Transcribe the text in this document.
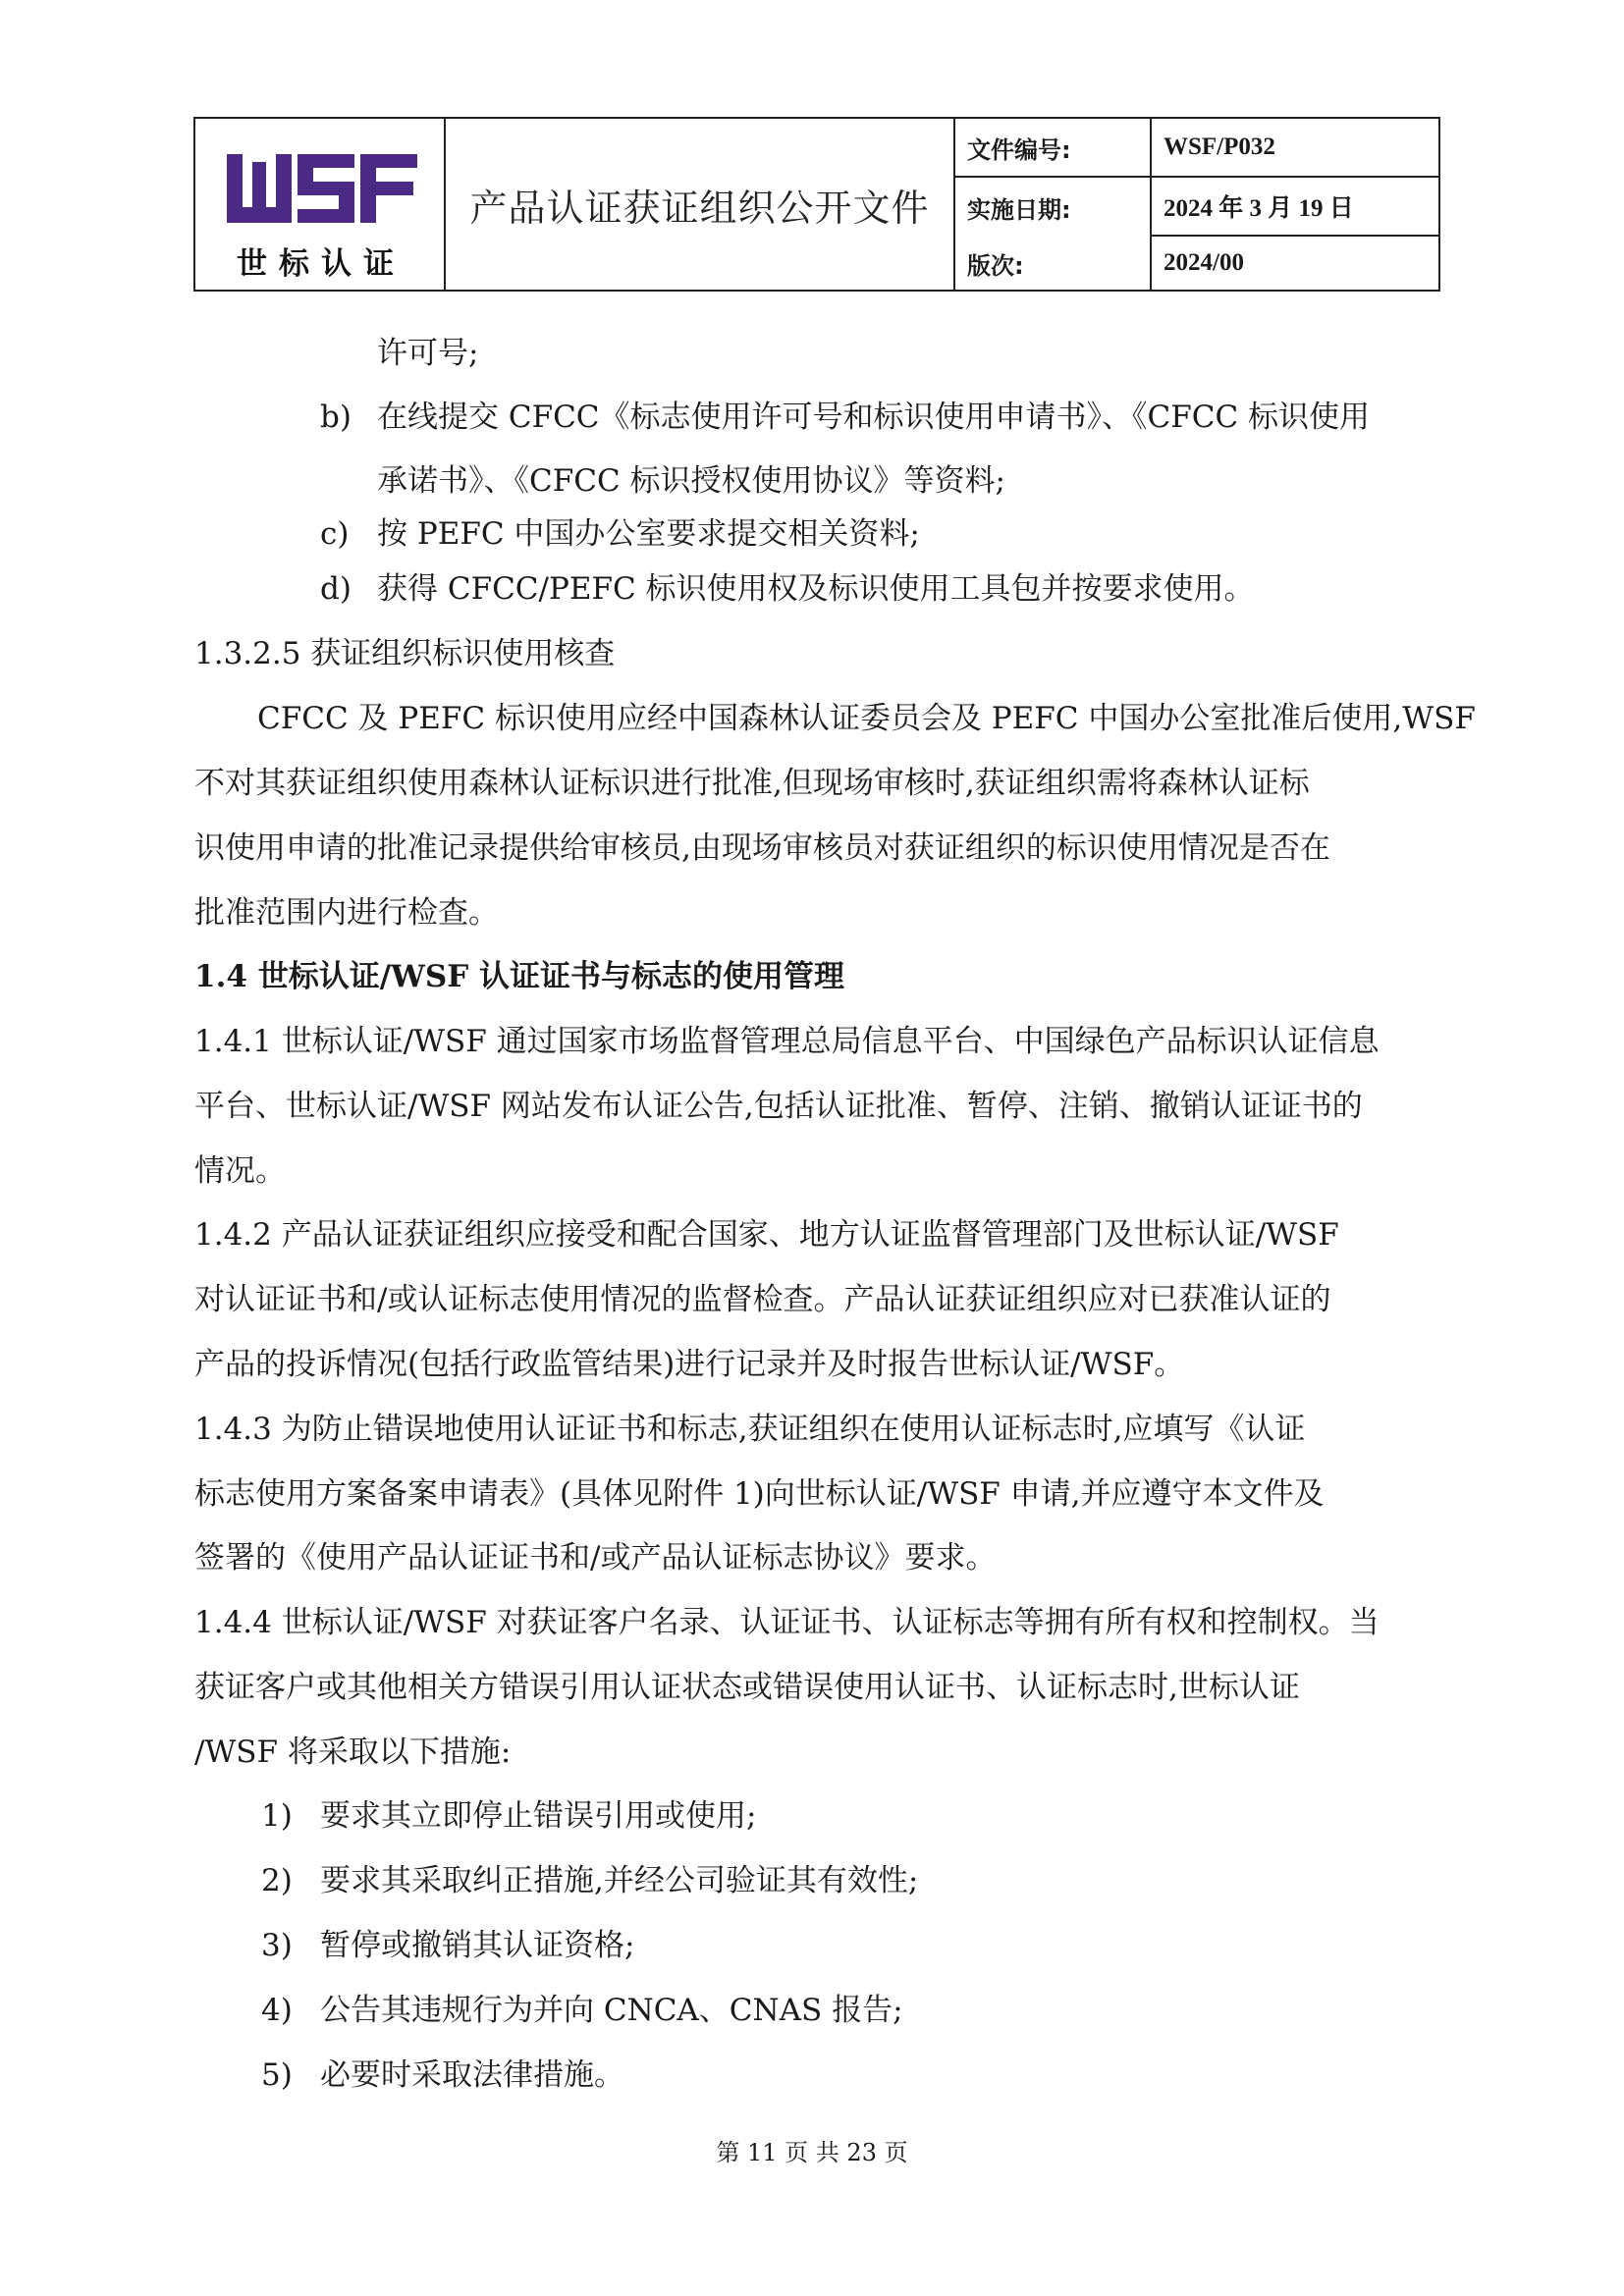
世标认证
产品认证获证组织公开文件
文件编号:	WSF/P032
实施日期:	2024 年 3 月 19 日
版次:	2024/00
许可号;
b) 在线提交 CFCC《标志使用许可号和标识使用申请书》、《CFCC 标识使用
承诺书》、《CFCC 标识授权使用协议》等资料;
c) 按 PEFC 中国办公室要求提交相关资料;
d) 获得 CFCC/PEFC 标识使用权及标识使用工具包并按要求使用。
1.3.2.5 获证组织标识使用核查
CFCC 及 PEFC 标识使用应经中国森林认证委员会及 PEFC 中国办公室批准后使用,WSF
不对其获证组织使用森林认证标识进行批准,但现场审核时,获证组织需将森林认证标
识使用申请的批准记录提供给审核员,由现场审核员对获证组织的标识使用情况是否在
批准范围内进行检查。
1.4 世标认证/WSF 认证证书与标志的使用管理
1.4.1 世标认证/WSF 通过国家市场监督管理总局信息平台、中国绿色产品标识认证信息
平台、世标认证/WSF 网站发布认证公告,包括认证批准、暂停、注销、撤销认证证书的
情况。
1.4.2 产品认证获证组织应接受和配合国家、地方认证监督管理部门及世标认证/WSF
对认证证书和/或认证标志使用情况的监督检查。产品认证获证组织应对已获准认证的
产品的投诉情况(包括行政监管结果)进行记录并及时报告世标认证/WSF。
1.4.3 为防止错误地使用认证证书和标志,获证组织在使用认证标志时,应填写《认证
标志使用方案备案申请表》(具体见附件 1)向世标认证/WSF 申请,并应遵守本文件及
签署的《使用产品认证证书和/或产品认证标志协议》要求。
1.4.4 世标认证/WSF 对获证客户名录、认证证书、认证标志等拥有所有权和控制权。当
获证客户或其他相关方错误引用认证状态或错误使用认证书、认证标志时,世标认证
/WSF 将采取以下措施:
1) 要求其立即停止错误引用或使用;
2) 要求其采取纠正措施,并经公司验证其有效性;
3) 暂停或撤销其认证资格;
4) 公告其违规行为并向 CNCA、CNAS 报告;
5) 必要时采取法律措施。
第 11 页 共 23 页
